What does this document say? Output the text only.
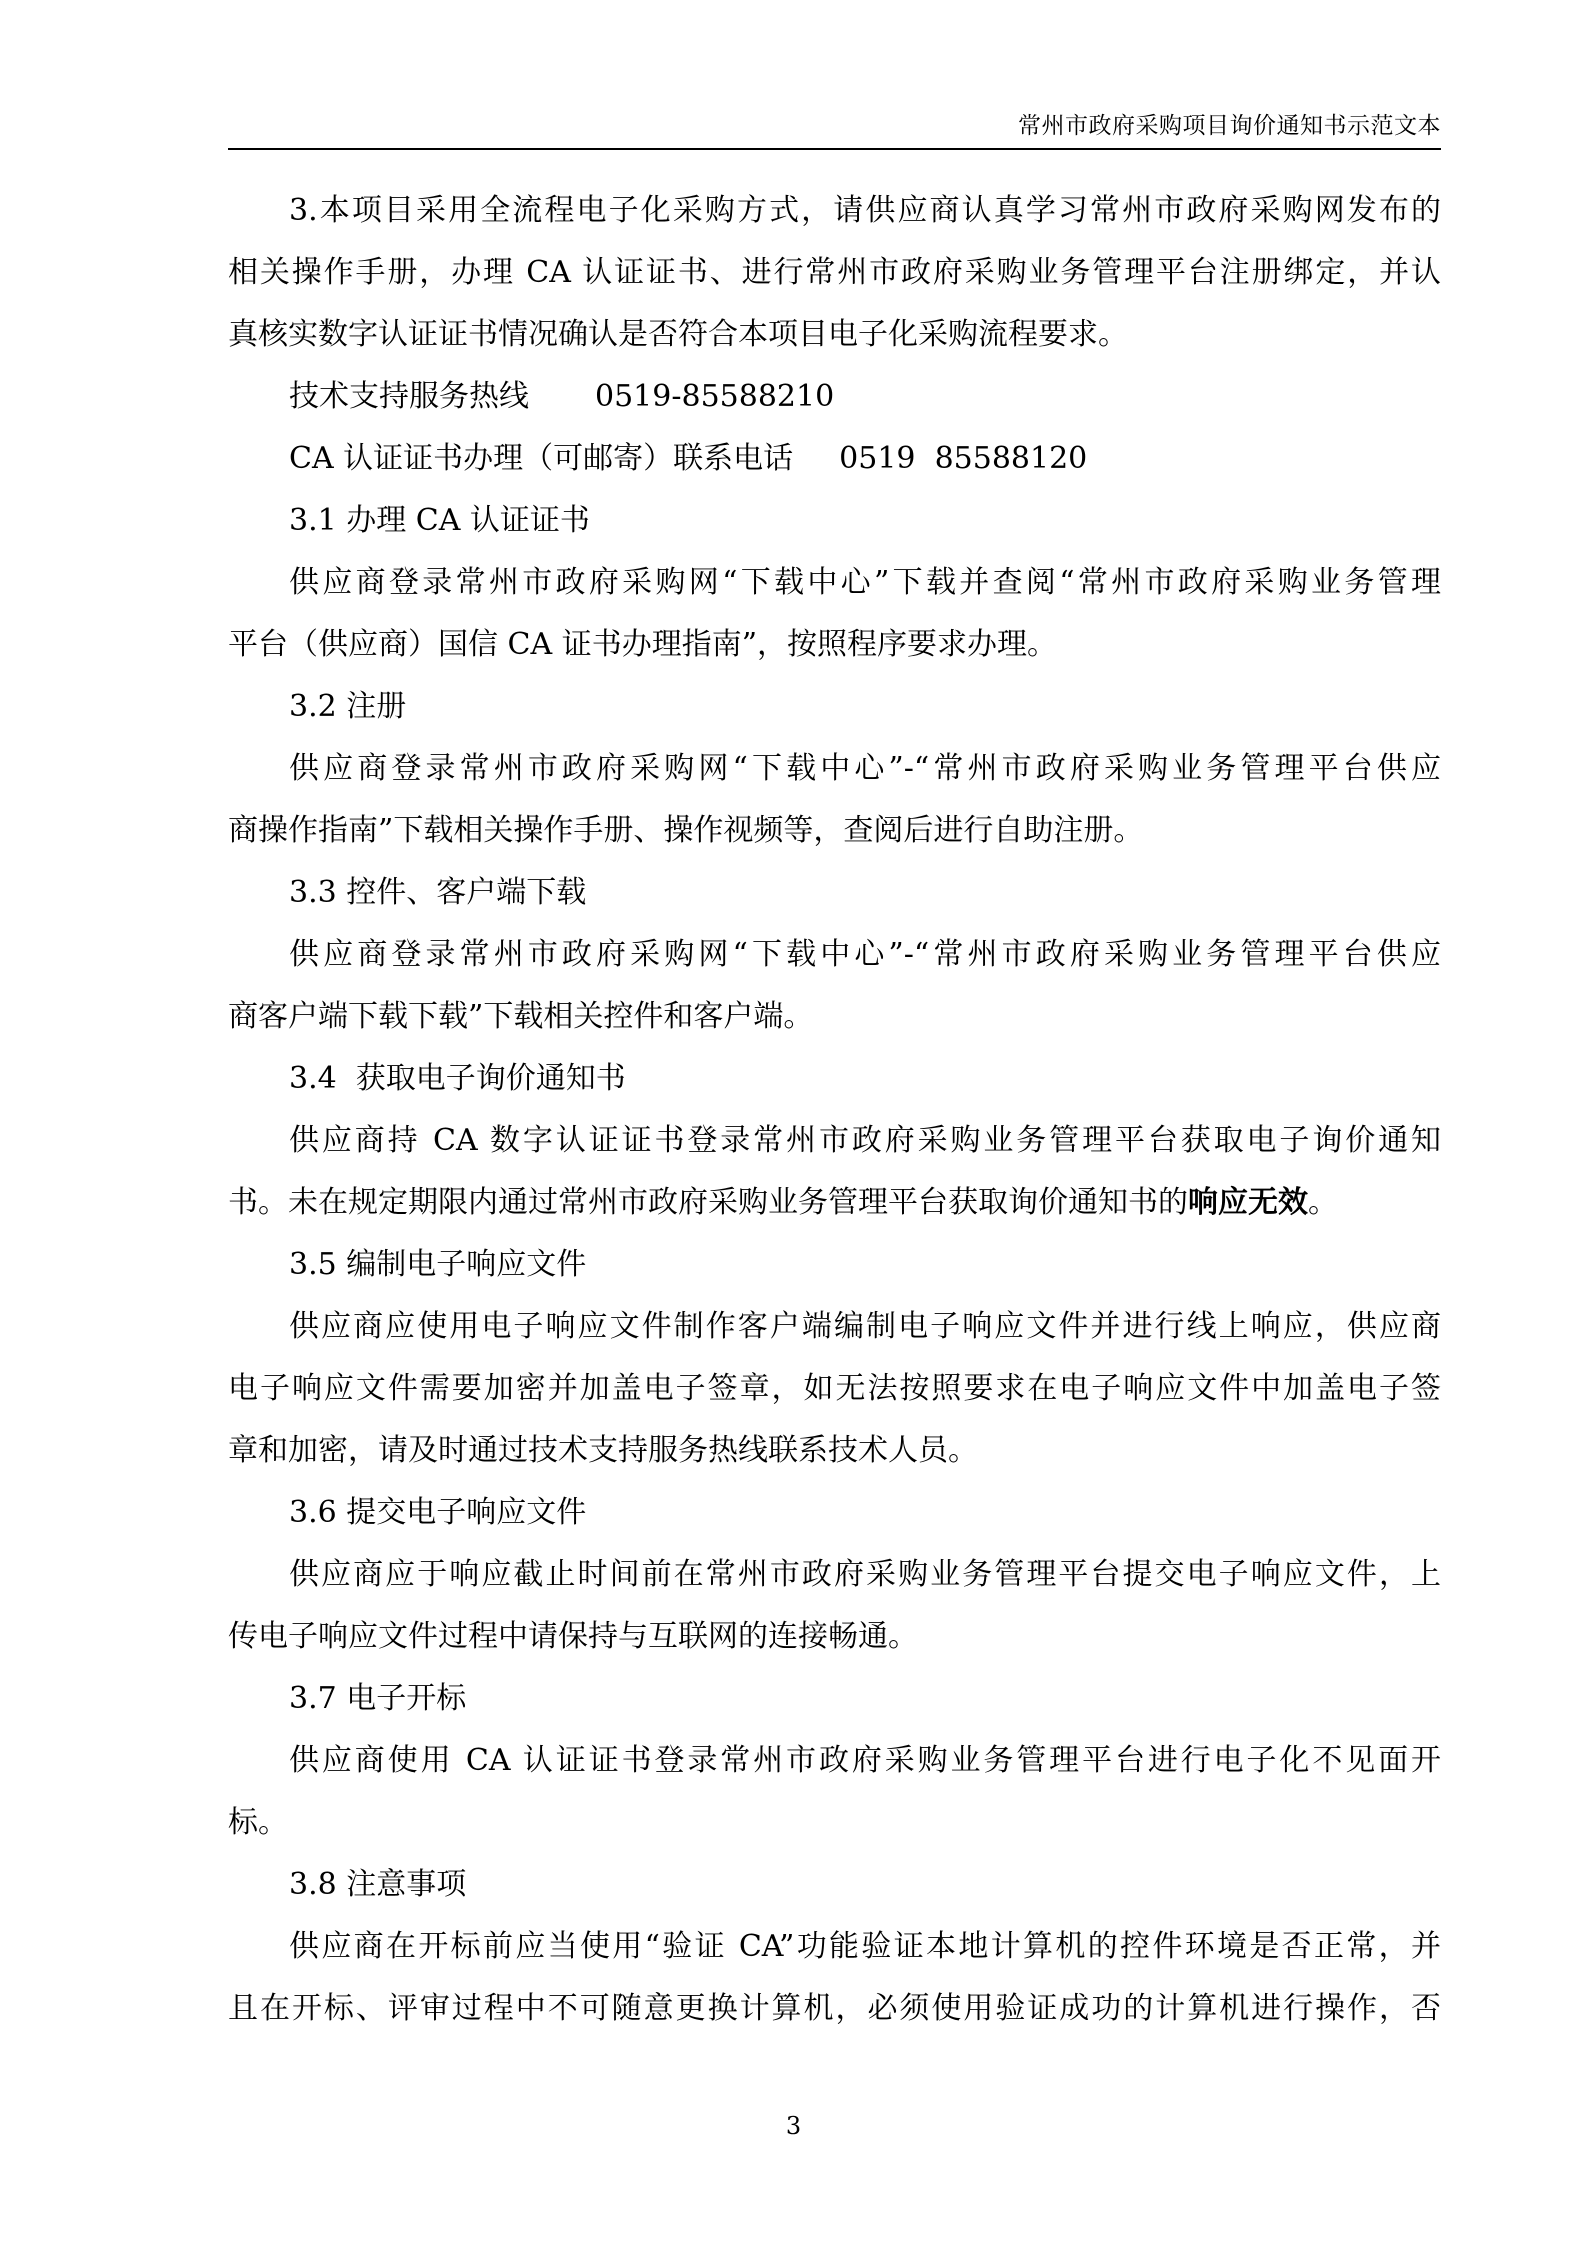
常州市政府采购项目询价通知书示范文本
3.本项目采用全流程电子化采购方式，请供应商认真学习常州市政府采购网发布的
相关操作手册，办理 CA 认证证书、进行常州市政府采购业务管理平台注册绑定，并认
真核实数字认证证书情况确认是否符合本项目电子化采购流程要求。
技术支持服务热线 0519-85588210
CA 认证证书办理（可邮寄）联系电话 0519  85588120
3.1 办理 CA 认证证书
供应商登录常州市政府采购网“下载中心”下载并查阅“常州市政府采购业务管理
平台（供应商）国信 CA 证书办理指南”，按照程序要求办理。
3.2 注册
供应商登录常州市政府采购网“下载中心”-“常州市政府采购业务管理平台供应
商操作指南”下载相关操作手册、操作视频等，查阅后进行自助注册。
3.3 控件、客户端下载
供应商登录常州市政府采购网“下载中心”-“常州市政府采购业务管理平台供应
商客户端下载下载”下载相关控件和客户端。
3.4  获取电子询价通知书
供应商持 CA 数字认证证书登录常州市政府采购业务管理平台获取电子询价通知
书。未在规定期限内通过常州市政府采购业务管理平台获取询价通知书的响应无效。
3.5 编制电子响应文件
供应商应使用电子响应文件制作客户端编制电子响应文件并进行线上响应，供应商
电子响应文件需要加密并加盖电子签章，如无法按照要求在电子响应文件中加盖电子签
章和加密，请及时通过技术支持服务热线联系技术人员。
3.6 提交电子响应文件
供应商应于响应截止时间前在常州市政府采购业务管理平台提交电子响应文件，上
传电子响应文件过程中请保持与互联网的连接畅通。
3.7 电子开标
供应商使用 CA 认证证书登录常州市政府采购业务管理平台进行电子化不见面开
标。
3.8 注意事项
供应商在开标前应当使用“验证 CA”功能验证本地计算机的控件环境是否正常，并
且在开标、评审过程中不可随意更换计算机，必须使用验证成功的计算机进行操作，否
3
